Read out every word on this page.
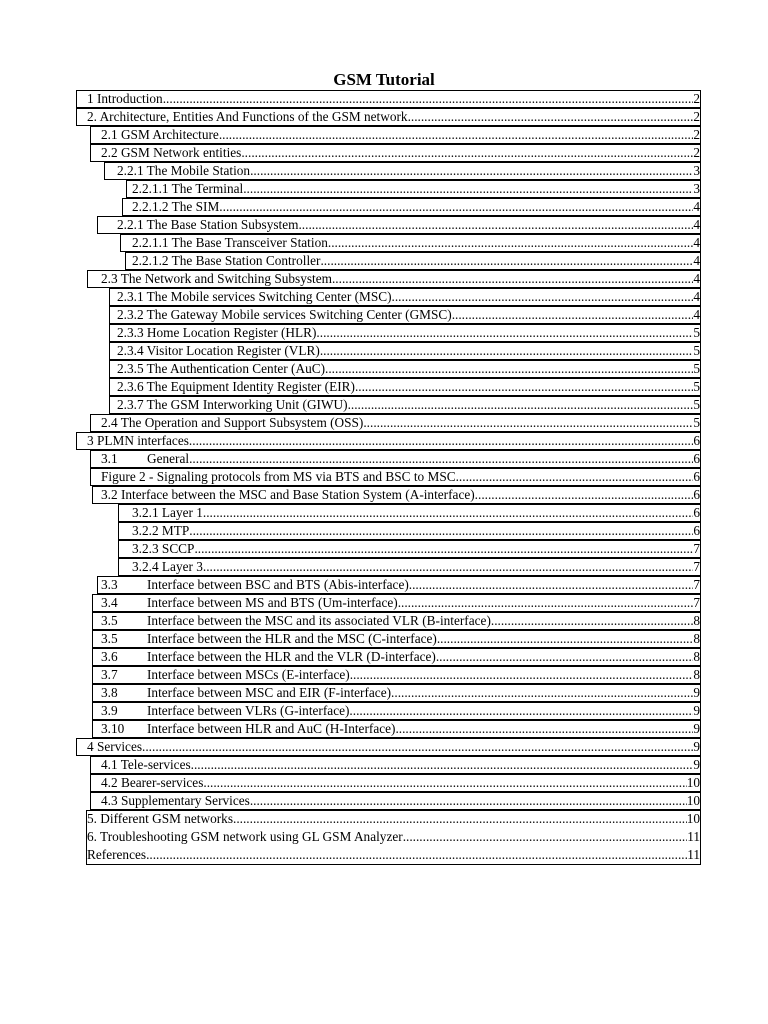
GSM Tutorial
1 Introduction .....	2
2. Architecture, Entities And Functions of the GSM network .....	2
2.1 GSM Architecture .....	2
2.2 GSM Network entities .....	2
2.2.1 The Mobile Station .....	3
2.2.1.1 The Terminal .....	3
2.2.1.2 The SIM .....	4
2.2.1 The Base Station Subsystem .....	4
2.2.1.1 The Base Transceiver Station .....	4
2.2.1.2 The Base Station Controller .....	4
2.3 The Network and Switching Subsystem .....	4
2.3.1 The Mobile services Switching Center (MSC) .....	4
2.3.2 The Gateway Mobile services Switching Center (GMSC) .....	4
2.3.3 Home Location Register (HLR) .....	5
2.3.4 Visitor Location Register (VLR) .....	5
2.3.5 The Authentication Center (AuC) .....	5
2.3.6 The Equipment Identity Register (EIR) .....	5
2.3.7 The GSM Interworking Unit (GIWU) .....	5
2.4 The Operation and Support Subsystem (OSS) .....	5
3 PLMN interfaces .....	6
3.1	General .....	6
Figure 2 - Signaling protocols from MS via BTS and BSC to MSC .....	6
3.2 Interface between the MSC and Base Station System (A-interface) .....	6
3.2.1 Layer 1 .....	6
3.2.2 MTP .....	6
3.2.3 SCCP .....	7
3.2.4 Layer 3 .....	7
3.3	Interface between BSC and BTS (Abis-interface) .....	7
3.4	Interface between MS and BTS (Um-interface) .....	7
3.5	Interface between the MSC and its associated VLR (B-interface) .....	8
3.5	Interface between the HLR and the MSC (C-interface) .....	8
3.6	Interface between the HLR and the VLR (D-interface) .....	8
3.7	Interface between MSCs (E-interface) .....	8
3.8	Interface between MSC and EIR (F-interface) .....	9
3.9	Interface between VLRs (G-interface) .....	9
3.10	Interface between HLR and AuC (H-Interface) .....	9
4 Services .....	9
4.1 Tele-services .....	9
4.2 Bearer-services .....	10
4.3 Supplementary Services .....	10
5. Different GSM networks .....	10
6. Troubleshooting GSM network using GL GSM Analyzer .....	11
References .....	11
